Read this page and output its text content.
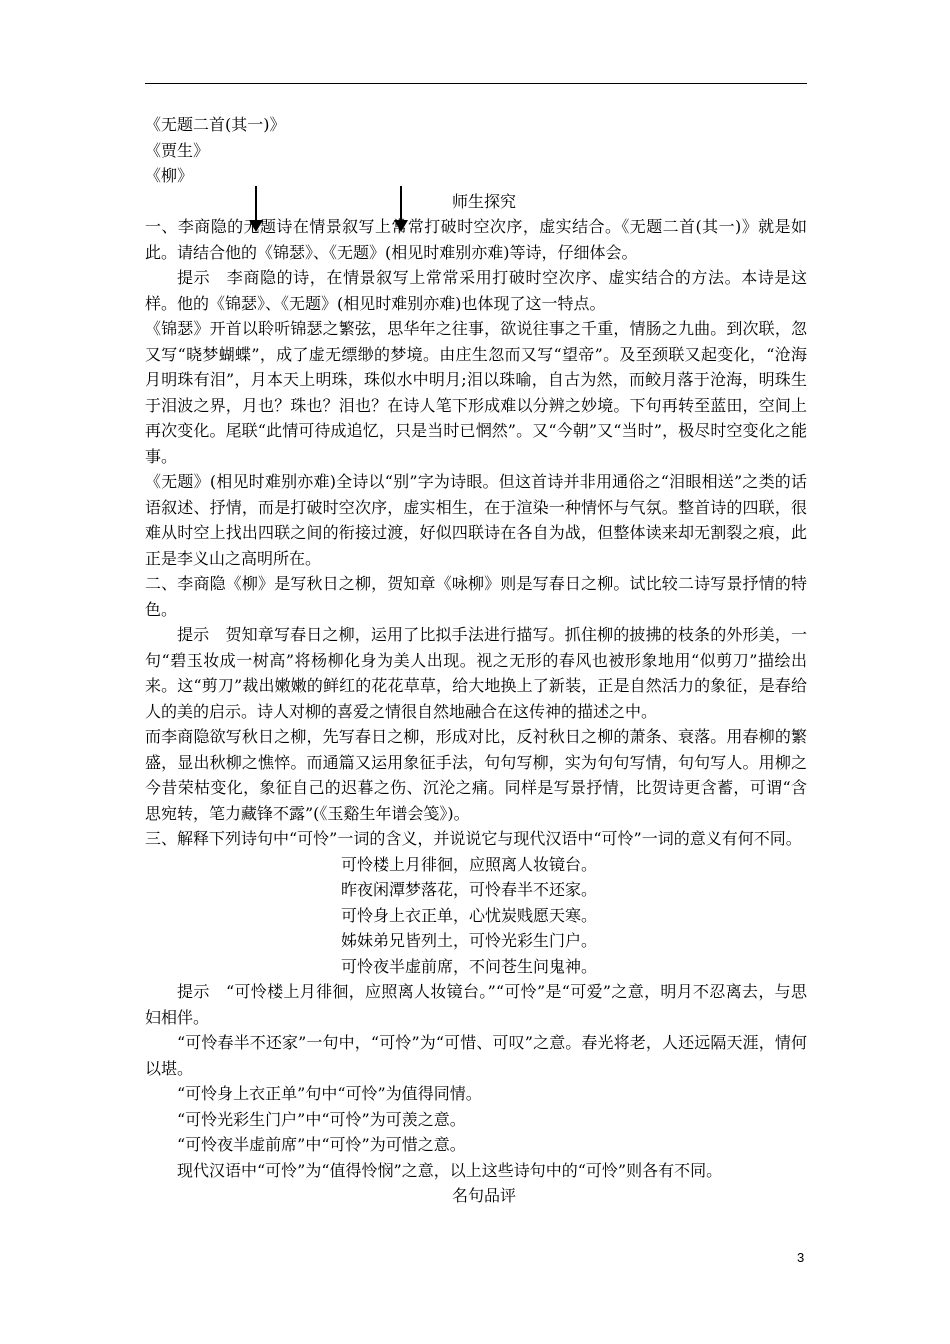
《无题二首(其一)》
《贾生》
《柳》
师生探究
一、李商隐的无题诗在情景叙写上常常打破时空次序，虚实结合。《无题二首(其一)》就是如此。请结合他的《锦瑟》、《无题》(相见时难别亦难)等诗，仔细体会。
提示　李商隐的诗，在情景叙写上常常采用打破时空次序、虚实结合的方法。本诗是这样。他的《锦瑟》、《无题》(相见时难别亦难)也体现了这一特点。
《锦瑟》开首以聆听锦瑟之繁弦，思华年之往事，欲说往事之千重，情肠之九曲。到次联，忽又写“晓梦蝴蝶”，成了虚无缥缈的梦境。由庄生忽而又写“望帝”。及至颈联又起变化，“沧海月明珠有泪”，月本天上明珠，珠似水中明月;泪以珠喻，自古为然，而鲛月落于沧海，明珠生于泪波之界，月也？珠也？泪也？在诗人笔下形成难以分辨之妙境。下句再转至蓝田，空间上再次变化。尾联“此情可待成追忆，只是当时已惘然”。又“今朝”又“当时”，极尽时空变化之能事。
《无题》(相见时难别亦难)全诗以“别”字为诗眼。但这首诗并非用通俗之“泪眼相送”之类的话语叙述、抒情，而是打破时空次序，虚实相生，在于渲染一种情怀与气氛。整首诗的四联，很难从时空上找出四联之间的衔接过渡，好似四联诗在各自为战，但整体读来却无割裂之痕，此正是李义山之高明所在。
二、李商隐《柳》是写秋日之柳，贺知章《咏柳》则是写春日之柳。试比较二诗写景抒情的特色。
提示　贺知章写春日之柳，运用了比拟手法进行描写。抓住柳的披拂的枝条的外形美，一句“碧玉妆成一树高”将杨柳化身为美人出现。视之无形的春风也被形象地用“似剪刀”描绘出来。这“剪刀”裁出嫩嫩的鲜红的花花草草，给大地换上了新装，正是自然活力的象征，是春给人的美的启示。诗人对柳的喜爱之情很自然地融合在这传神的描述之中。
而李商隐欲写秋日之柳，先写春日之柳，形成对比，反衬秋日之柳的萧条、衰落。用春柳的繁盛，显出秋柳之憔悴。而通篇又运用象征手法，句句写柳，实为句句写情，句句写人。用柳之今昔荣枯变化，象征自己的迟暮之伤、沉沦之痛。同样是写景抒情，比贺诗更含蓄，可谓“含思宛转，笔力藏锋不露”(《玉谿生年谱会笺》)。
三、解释下列诗句中“可怜”一词的含义，并说说它与现代汉语中“可怜”一词的意义有何不同。
可怜楼上月徘徊，应照离人妆镜台。
昨夜闲潭梦落花，可怜春半不还家。
可怜身上衣正单，心忧炭贱愿天寒。
姊妹弟兄皆列土，可怜光彩生门户。
可怜夜半虚前席，不问苍生问鬼神。
提示　“可怜楼上月徘徊，应照离人妆镜台。”“可怜”是“可爱”之意，明月不忍离去，与思妇相伴。
“可怜春半不还家”一句中，“可怜”为“可惜、可叹”之意。春光将老，人还远隔天涯，情何以堪。
“可怜身上衣正单”句中“可怜”为值得同情。
“可怜光彩生门户”中“可怜”为可羡之意。
“可怜夜半虚前席”中“可怜”为可惜之意。
现代汉语中“可怜”为“值得怜悯”之意，以上这些诗句中的“可怜”则各有不同。
名句品评
3
